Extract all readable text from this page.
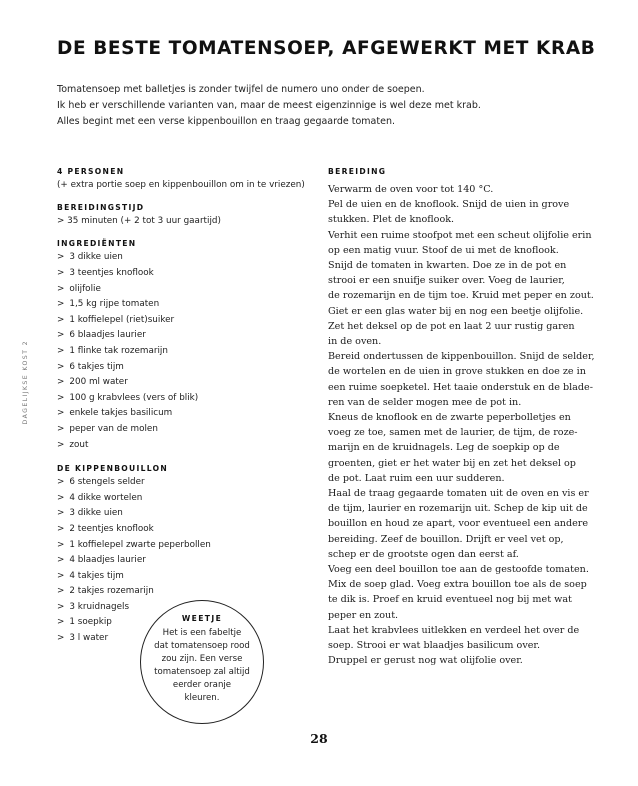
DE BESTE TOMATENSOEP, AFGEWERKT MET KRAB
Tomatensoep met balletjes is zonder twijfel de numero uno onder de soepen.
Ik heb er verschillende varianten van, maar de meest eigenzinnige is wel deze met krab.
Alles begint met een verse kippenbouillon en traag gegaarde tomaten.
DAGELIJKSE KOST 2
4 PERSONEN
(+ extra portie soep en kippenbouillon om in te vriezen)
BEREIDINGSTIJD
> 35 minuten (+ 2 tot 3 uur gaartijd)
INGREDIËNTEN
> 3 dikke uien
> 3 teentjes knoflook
> olijfolie
> 1,5 kg rijpe tomaten
> 1 koffielepel (riet)suiker
> 6 blaadjes laurier
> 1 flinke tak rozemarijn
> 6 takjes tijm
> 200 ml water
> 100 g krabvlees (vers of blik)
> enkele takjes basilicum
> peper van de molen
> zout
DE KIPPENBOUILLON
> 6 stengels selder
> 4 dikke wortelen
> 3 dikke uien
> 2 teentjes knoflook
> 1 koffielepel zwarte peperbollen
> 4 blaadjes laurier
> 4 takjes tijm
> 2 takjes rozemarijn
> 3 kruidnagels
> 1 soepkip
> 3 l water
BEREIDING
Verwarm de oven voor tot 140 °C.
Pel de uien en de knoflook. Snijd de uien in grove
stukken. Plet de knoflook.
Verhit een ruime stoofpot met een scheut olijfolie erin
op een matig vuur. Stoof de ui met de knoflook.
Snijd de tomaten in kwarten. Doe ze in de pot en
strooi er een snuifje suiker over. Voeg de laurier,
de rozemarijn en de tijm toe. Kruid met peper en zout.
Giet er een glas water bij en nog een beetje olijfolie.
Zet het deksel op de pot en laat 2 uur rustig garen
in de oven.
Bereid ondertussen de kippenbouillon. Snijd de selder,
de wortelen en de uien in grove stukken en doe ze in
een ruime soepketel. Het taaie onderstuk en de blade-
ren van de selder mogen mee de pot in.
Kneus de knoflook en de zwarte peperbolletjes en
voeg ze toe, samen met de laurier, de tijm, de roze-
marijn en de kruidnagels. Leg de soepkip op de
groenten, giet er het water bij en zet het deksel op
de pot. Laat ruim een uur sudderen.
Haal de traag gegaarde tomaten uit de oven en vis er
de tijm, laurier en rozemarijn uit. Schep de kip uit de
bouillon en houd ze apart, voor eventueel een andere
bereiding. Zeef de bouillon. Drijft er veel vet op,
schep er de grootste ogen dan eerst af.
Voeg een deel bouillon toe aan de gestoofde tomaten.
Mix de soep glad. Voeg extra bouillon toe als de soep
te dik is. Proef en kruid eventueel nog bij met wat
peper en zout.
Laat het krabvlees uitlekken en verdeel het over de
soep. Strooi er wat blaadjes basilicum over.
Druppel er gerust nog wat olijfolie over.
WEETJE
Het is een fabeltje
dat tomatensoep rood
zou zijn. Een verse
tomatensoep zal altijd
eerder oranje
kleuren.
28
